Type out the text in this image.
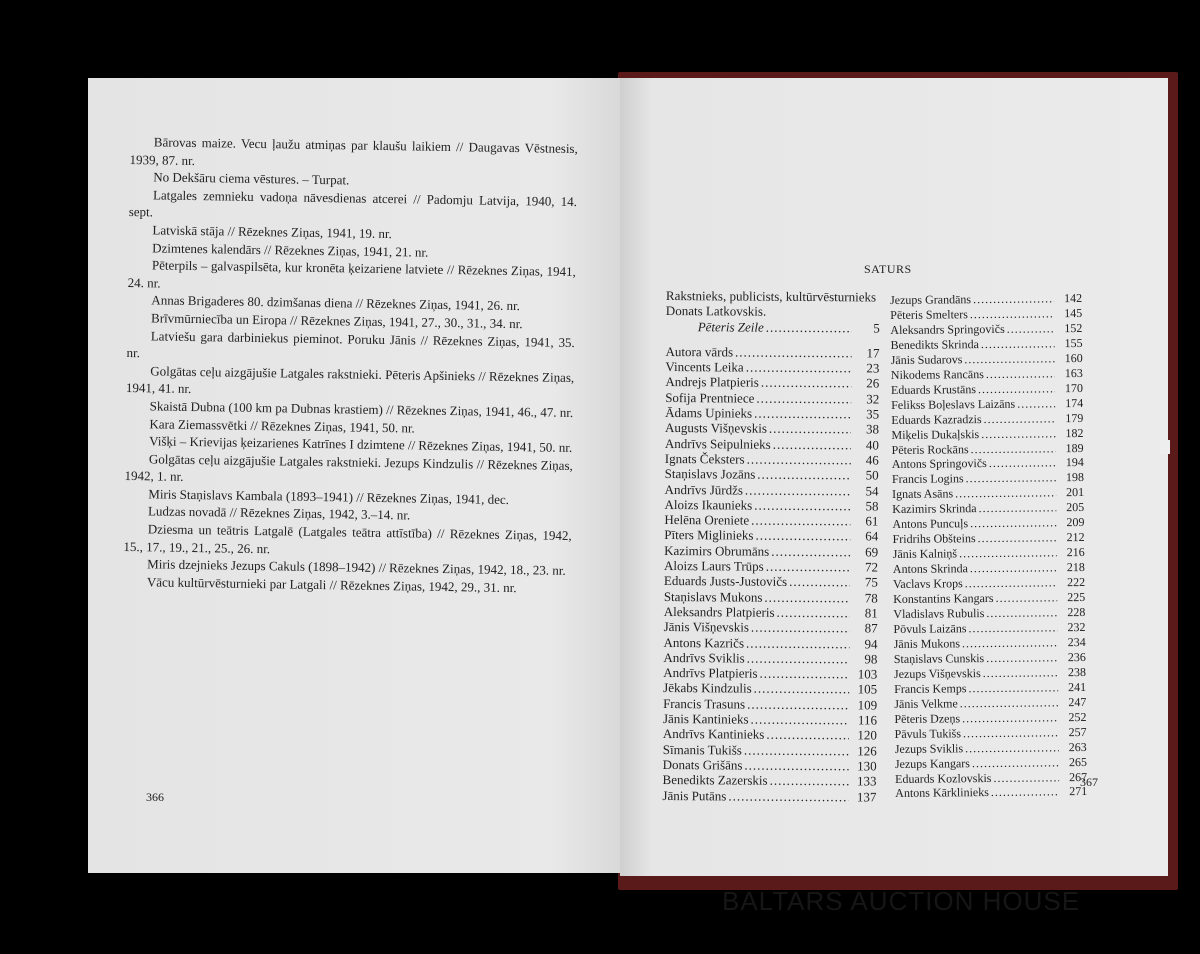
Bārovas maize. Vecu ļaužu atmiņas par klaušu laikiem // Daugavas Vēstnesis, 1939, 87. nr.
No Dekšāru ciema vēstures. – Turpat.
Latgales zemnieku vadoņa nāvesdienas atcerei // Padomju Latvija, 1940, 14. sept.
Latviskā stāja // Rēzeknes Ziņas, 1941, 19. nr.
Dzimtenes kalendārs // Rēzeknes Ziņas, 1941, 21. nr.
Pēterpils – galvaspilsēta, kur kronēta ķeizariene latviete // Rēzeknes Ziņas, 1941, 24. nr.
Annas Brigaderes 80. dzimšanas diena // Rēzeknes Ziņas, 1941, 26. nr.
Brīvmūrniecība un Eiropa // Rēzeknes Ziņas, 1941, 27., 30., 31., 34. nr.
Latviešu gara darbiniekus pieminot. Poruku Jānis // Rēzeknes Ziņas, 1941, 35. nr.
Golgātas ceļu aizgājušie Latgales rakstnieki. Pēteris Apšinieks // Rēzeknes Ziņas, 1941, 41. nr.
Skaistā Dubna (100 km pa Dubnas krastiem) // Rēzeknes Ziņas, 1941, 46., 47. nr.
Kara Ziemassvētki // Rēzeknes Ziņas, 1941, 50. nr.
Višķi – Krievijas ķeizarienes Katrīnes I dzimtene // Rēzeknes Ziņas, 1941, 50. nr.
Golgātas ceļu aizgājušie Latgales rakstnieki. Jezups Kindzulis // Rēzeknes Ziņas, 1942, 1. nr.
Miris Staņislavs Kambala (1893–1941) // Rēzeknes Ziņas, 1941, dec.
Ludzas novadā // Rēzeknes Ziņas, 1942, 3.–14. nr.
Dziesma un teātris Latgalē (Latgales teātra attīstība) // Rēzeknes Ziņas, 1942, 15., 17., 19., 21., 25., 26. nr.
Miris dzejnieks Jezups Cakuls (1898–1942) // Rēzeknes Ziņas, 1942, 18., 23. nr.
Vācu kultūrvēsturnieki par Latgali // Rēzeknes Ziņas, 1942, 29., 31. nr.
366
SATURS
Rakstnieks, publicists, kultūrvēsturnieks Donats Latkovskis.
Pēteris Zeile .....	5
Autora vārds .....	17
Vincents Leika .....	23
Andrejs Platpieris .....	26
Sofija Prentniece .....	32
Ādams Upinieks .....	35
Augusts Višņevskis .....	38
Andrīvs Seipulnieks .....	40
Ignats Čeksters .....	46
Staņislavs Jozāns .....	50
Andrīvs Jūrdžs .....	54
Aloizs Ikaunieks .....	58
Helēna Oreniete .....	61
Pīters Miglinieks .....	64
Kazimirs Obrumāns .....	69
Aloizs Laurs Trūps .....	72
Eduards Justs-Justovičs .....	75
Staņislavs Mukons .....	78
Aleksandrs Platpieris .....	81
Jānis Višņevskis .....	87
Antons Kazričs .....	94
Andrīvs Sviklis .....	98
Andrīvs Platpieris .....	103
Jēkabs Kindzulis .....	105
Francis Trasuns .....	109
Jānis Kantinieks .....	116
Andrīvs Kantinieks .....	120
Sīmanis Tukišs .....	126
Donats Grišāns .....	130
Benedikts Zazerskis .....	133
Jānis Putāns .....	137
Jezups Grandāns .....	142
Pēteris Smelters .....	145
Aleksandrs Springovičs .....	152
Benedikts Skrinda .....	155
Jānis Sudarovs .....	160
Nikodems Rancāns .....	163
Eduards Krustāns .....	170
Felikss Boļeslavs Laizāns .....	174
Eduards Kazradzis .....	179
Miķelis Dukaļskis .....	182
Pēteris Rockāns .....	189
Antons Springovičs .....	194
Francis Logins .....	198
Ignats Asāns .....	201
Kazimirs Skrinda .....	205
Antons Puncuļs .....	209
Fridrihs Obšteins .....	212
Jānis Kalniņš .....	216
Antons Skrinda .....	218
Vaclavs Krops .....	222
Konstantins Kangars .....	225
Vladislavs Rubulis .....	228
Pōvuls Laizāns .....	232
Jānis Mukons .....	234
Staņislavs Cunskis .....	236
Jezups Višņevskis .....	238
Francis Kemps .....	241
Jānis Velkme .....	247
Pēteris Dzeņs .....	252
Pāvuls Tukišs .....	257
Jezups Sviklis .....	263
Jezups Kangars .....	265
Eduards Kozlovskis .....	267
Antons Kārklinieks .....	271
367
BALTARS AUCTION HOUSE
